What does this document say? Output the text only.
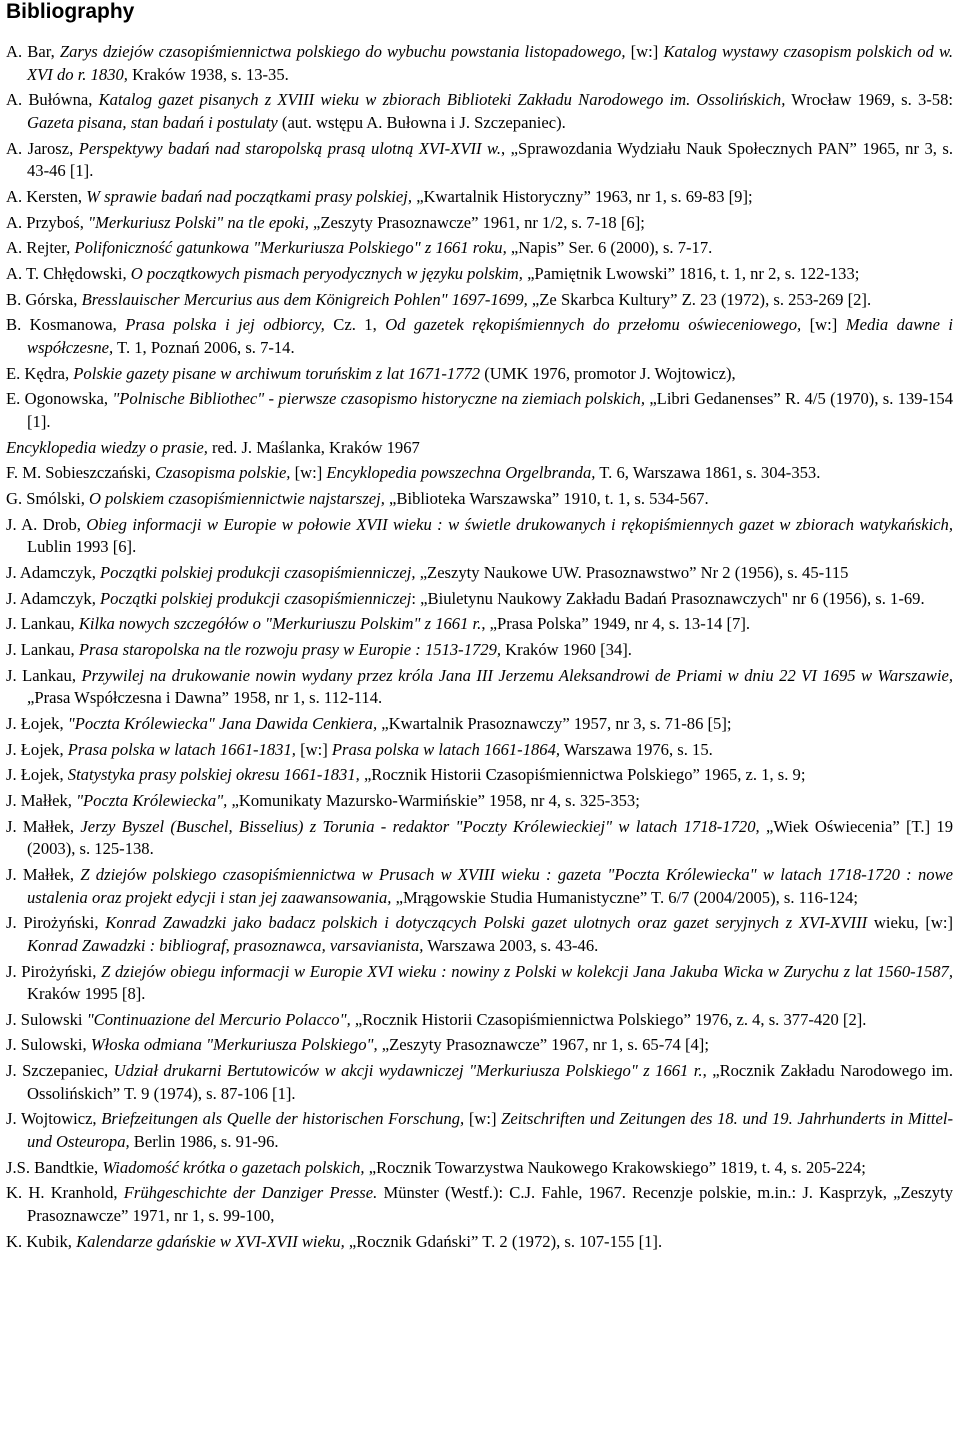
Bibliography

A. Bar, Zarys dziejów czasopiśmiennictwa polskiego do wybuchu powstania listopadowego, [w:] Katalog wystawy czasopism polskich od w. XVI do r. 1830, Kraków 1938, s. 13-35.

A. Bułówna, Katalog gazet pisanych z XVIII wieku w zbiorach Biblioteki Zakładu Narodowego im. Ossolińskich, Wrocław 1969, s. 3-58: Gazeta pisana, stan badań i postulaty (aut. wstępu A. Bułowna i J. Szczepaniec).

A. Jarosz, Perspektywy badań nad staropolską prasą ulotną XVI-XVII w., „Sprawozdania Wydziału Nauk Społecznych PAN” 1965, nr 3, s. 43-46 [1].

A. Kersten, W sprawie badań nad początkami prasy polskiej, „Kwartalnik Historyczny” 1963, nr 1, s. 69-83 [9];

A. Przyboś, "Merkuriusz Polski" na tle epoki, „Zeszyty Prasoznawcze” 1961, nr 1/2, s. 7-18 [6];

A. Rejter, Polifoniczność gatunkowa "Merkuriusza Polskiego" z 1661 roku, „Napis” Ser. 6 (2000), s. 7-17.

A. T. Chłędowski, O początkowych pismach peryodycznych w języku polskim, „Pamiętnik Lwowski” 1816, t. 1, nr 2, s. 122-133;

B. Górska, Bresslauischer Mercurius aus dem Königreich Pohlen" 1697-1699, „Ze Skarbca Kultury” Z. 23 (1972), s. 253-269 [2].

B. Kosmanowa, Prasa polska i jej odbiorcy, Cz. 1, Od gazetek rękopiśmiennych do przełomu oświeceniowego, [w:] Media dawne i współczesne, T. 1, Poznań 2006, s. 7-14.

E. Kędra, Polskie gazety pisane w archiwum toruńskim z lat 1671-1772 (UMK 1976, promotor J. Wojtowicz),

E. Ogonowska, "Polnische Bibliothec" - pierwsze czasopismo historyczne na ziemiach polskich, „Libri Gedanenses” R. 4/5 (1970), s. 139-154 [1].

Encyklopedia wiedzy o prasie, red. J. Maślanka, Kraków 1967

F. M. Sobieszczański, Czasopisma polskie, [w:] Encyklopedia powszechna Orgelbranda, T. 6, Warszawa 1861, s. 304-353.

G. Smólski, O polskiem czasopiśmiennictwie najstarszej, „Biblioteka Warszawska” 1910, t. 1, s. 534-567.

J. A. Drob, Obieg informacji w Europie w połowie XVII wieku : w świetle drukowanych i rękopiśmiennych gazet w zbiorach watykańskich, Lublin 1993 [6].

J. Adamczyk, Początki polskiej produkcji czasopiśmienniczej, „Zeszyty Naukowe UW. Prasoznawstwo” Nr 2 (1956), s. 45-115

J. Adamczyk, Początki polskiej produkcji czasopiśmienniczej: „Biuletynu Naukowy Zakładu Badań Prasoznawczych" nr 6 (1956), s. 1-69.

J. Lankau, Kilka nowych szczegółów o "Merkuriuszu Polskim" z 1661 r., „Prasa Polska” 1949, nr 4, s. 13-14 [7].

J. Lankau, Prasa staropolska na tle rozwoju prasy w Europie : 1513-1729, Kraków 1960 [34].

J. Lankau, Przywilej na drukowanie nowin wydany przez króla Jana III Jerzemu Aleksandrowi de Priami w dniu 22 VI 1695 w Warszawie, „Prasa Współczesna i Dawna” 1958, nr 1, s. 112-114.

J. Łojek, "Poczta Królewiecka" Jana Dawida Cenkiera, „Kwartalnik Prasoznawczy” 1957, nr 3, s. 71-86 [5];

J. Łojek, Prasa polska w latach 1661-1831, [w:] Prasa polska w latach 1661-1864, Warszawa 1976, s. 15.

J. Łojek, Statystyka prasy polskiej okresu 1661-1831, „Rocznik Historii Czasopiśmiennictwa Polskiego” 1965, z. 1, s. 9;

J. Małłek, "Poczta Królewiecka", „Komunikaty Mazursko-Warmińskie” 1958, nr 4, s. 325-353;

J. Małłek, Jerzy Byszel (Buschel, Bisselius) z Torunia - redaktor "Poczty Królewieckiej" w latach 1718-1720, „Wiek Oświecenia” [T.] 19 (2003), s. 125-138.

J. Małłek, Z dziejów polskiego czasopiśmiennictwa w Prusach w XVIII wieku : gazeta "Poczta Królewiecka" w latach 1718-1720 : nowe ustalenia oraz projekt edycji i stan jej zaawansowania, „Mrągowskie Studia Humanistyczne” T. 6/7 (2004/2005), s. 116-124;

J. Pirożyński, Konrad Zawadzki jako badacz polskich i dotyczących Polski gazet ulotnych oraz gazet seryjnych z XVI-XVIII wieku, [w:] Konrad Zawadzki : bibliograf, prasoznawca, varsavianista, Warszawa 2003, s. 43-46.

J. Pirożyński, Z dziejów obiegu informacji w Europie XVI wieku : nowiny z Polski w kolekcji Jana Jakuba Wicka w Zurychu z lat 1560-1587, Kraków 1995 [8].

J. Sulowski "Continuazione del Mercurio Polacco", „Rocznik Historii Czasopiśmiennictwa Polskiego” 1976, z. 4, s. 377-420 [2].

J. Sulowski, Włoska odmiana "Merkuriusza Polskiego", „Zeszyty Prasoznawcze” 1967, nr 1, s. 65-74 [4];

J. Szczepaniec, Udział drukarni Bertutowiców w akcji wydawniczej "Merkuriusza Polskiego" z 1661 r., „Rocznik Zakładu Narodowego im. Ossolińskich” T. 9 (1974), s. 87-106 [1].

J. Wojtowicz, Briefzeitungen als Quelle der historischen Forschung, [w:] Zeitschriften und Zeitungen des 18. und 19. Jahrhunderts in Mittel- und Osteuropa, Berlin 1986, s. 91-96.

J.S. Bandtkie, Wiadomość krótka o gazetach polskich, „Rocznik Towarzystwa Naukowego Krakowskiego” 1819, t. 4, s. 205-224;

K. H. Kranhold, Frühgeschichte der Danziger Presse. Münster (Westf.): C.J. Fahle, 1967. Recenzje polskie, m.in.: J. Kasprzyk, „Zeszyty Prasoznawcze” 1971, nr 1, s. 99-100,

K. Kubik, Kalendarze gdańskie w XVI-XVII wieku, „Rocznik Gdański” T. 2 (1972), s. 107-155 [1].
